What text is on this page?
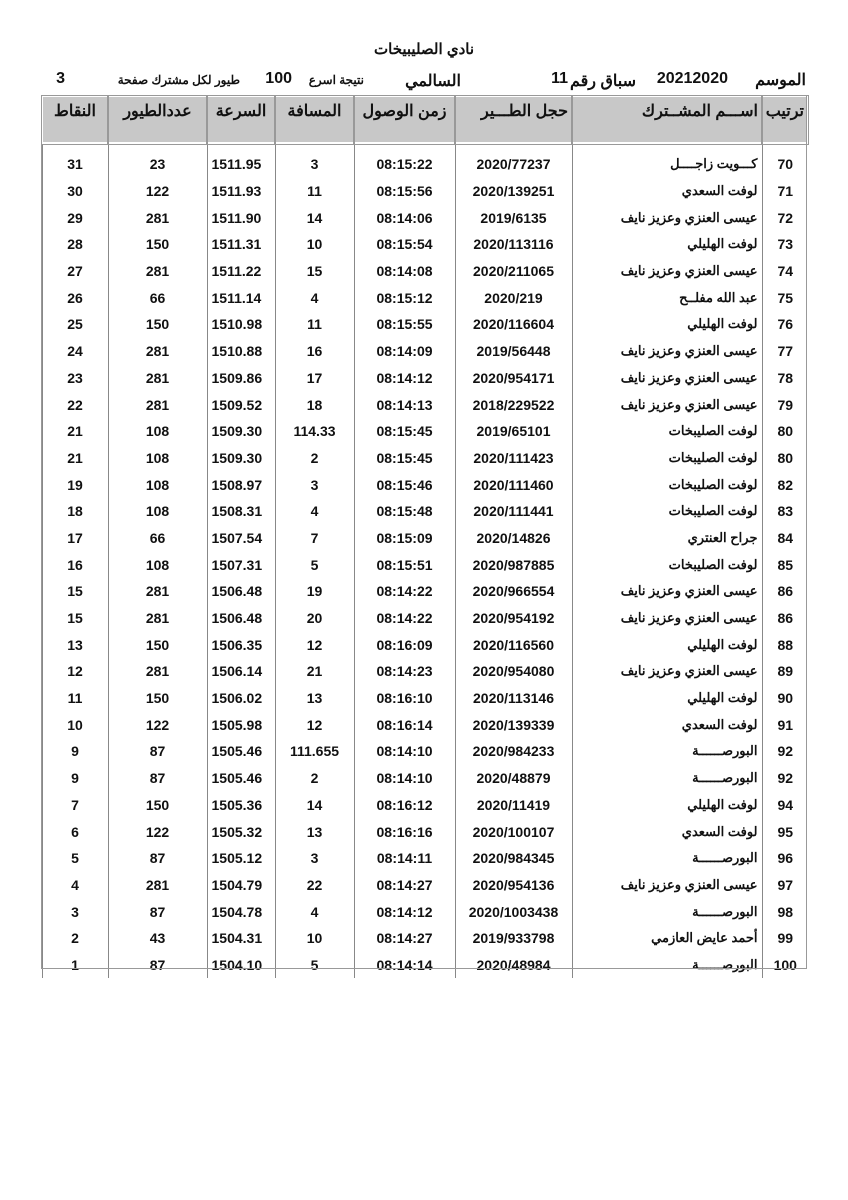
نادي الصليبيخات
الموسم
20212020
سباق رقم
11
السالمي
نتيجة اسرع
100
طيور لكل مشترك صفحة
3
ترتيب	اســـم المشــترك	حجل الطـــير	زمن الوصول	المسافة	السرعة	عددالطيور	النقاط
70	كـــويت زاجــــل	2020/77237	08:15:22	3	1511.95	23	31
71	لوفت السعدي	2020/139251	08:15:56	11	1511.93	122	30
72	عيسى العنزي وعزيز نايف	2019/6135	08:14:06	14	1511.90	281	29
73	لوفت الهليلي	2020/113116	08:15:54	10	1511.31	150	28
74	عيسى العنزي وعزيز نايف	2020/211065	08:14:08	15	1511.22	281	27
75	عبد الله مفلــح	2020/219	08:15:12	4	1511.14	66	26
76	لوفت الهليلي	2020/116604	08:15:55	11	1510.98	150	25
77	عيسى العنزي وعزيز نايف	2019/56448	08:14:09	16	1510.88	281	24
78	عيسى العنزي وعزيز نايف	2020/954171	08:14:12	17	1509.86	281	23
79	عيسى العنزي وعزيز نايف	2018/229522	08:14:13	18	1509.52	281	22
80	لوفت الصليبخات	2019/65101	08:15:45	114.33	1509.30	108	21
80	لوفت الصليبخات	2020/111423	08:15:45	2	1509.30	108	21
82	لوفت الصليبخات	2020/111460	08:15:46	3	1508.97	108	19
83	لوفت الصليبخات	2020/111441	08:15:48	4	1508.31	108	18
84	جراح العنتري	2020/14826	08:15:09	7	1507.54	66	17
85	لوفت الصليبخات	2020/987885	08:15:51	5	1507.31	108	16
86	عيسى العنزي وعزيز نايف	2020/966554	08:14:22	19	1506.48	281	15
86	عيسى العنزي وعزيز نايف	2020/954192	08:14:22	20	1506.48	281	15
88	لوفت الهليلي	2020/116560	08:16:09	12	1506.35	150	13
89	عيسى العنزي وعزيز نايف	2020/954080	08:14:23	21	1506.14	281	12
90	لوفت الهليلي	2020/113146	08:16:10	13	1506.02	150	11
91	لوفت السعدي	2020/139339	08:16:14	12	1505.98	122	10
92	البورصــــــة	2020/984233	08:14:10	111.655	1505.46	87	9
92	البورصــــــة	2020/48879	08:14:10	2	1505.46	87	9
94	لوفت الهليلي	2020/11419	08:16:12	14	1505.36	150	7
95	لوفت السعدي	2020/100107	08:16:16	13	1505.32	122	6
96	البورصــــــة	2020/984345	08:14:11	3	1505.12	87	5
97	عيسى العنزي وعزيز نايف	2020/954136	08:14:27	22	1504.79	281	4
98	البورصــــــة	2020/1003438	08:14:12	4	1504.78	87	3
99	أحمد عايض العازمي	2019/933798	08:14:27	10	1504.31	43	2
100	البورصــــــة	2020/48984	08:14:14	5	1504.10	87	1
